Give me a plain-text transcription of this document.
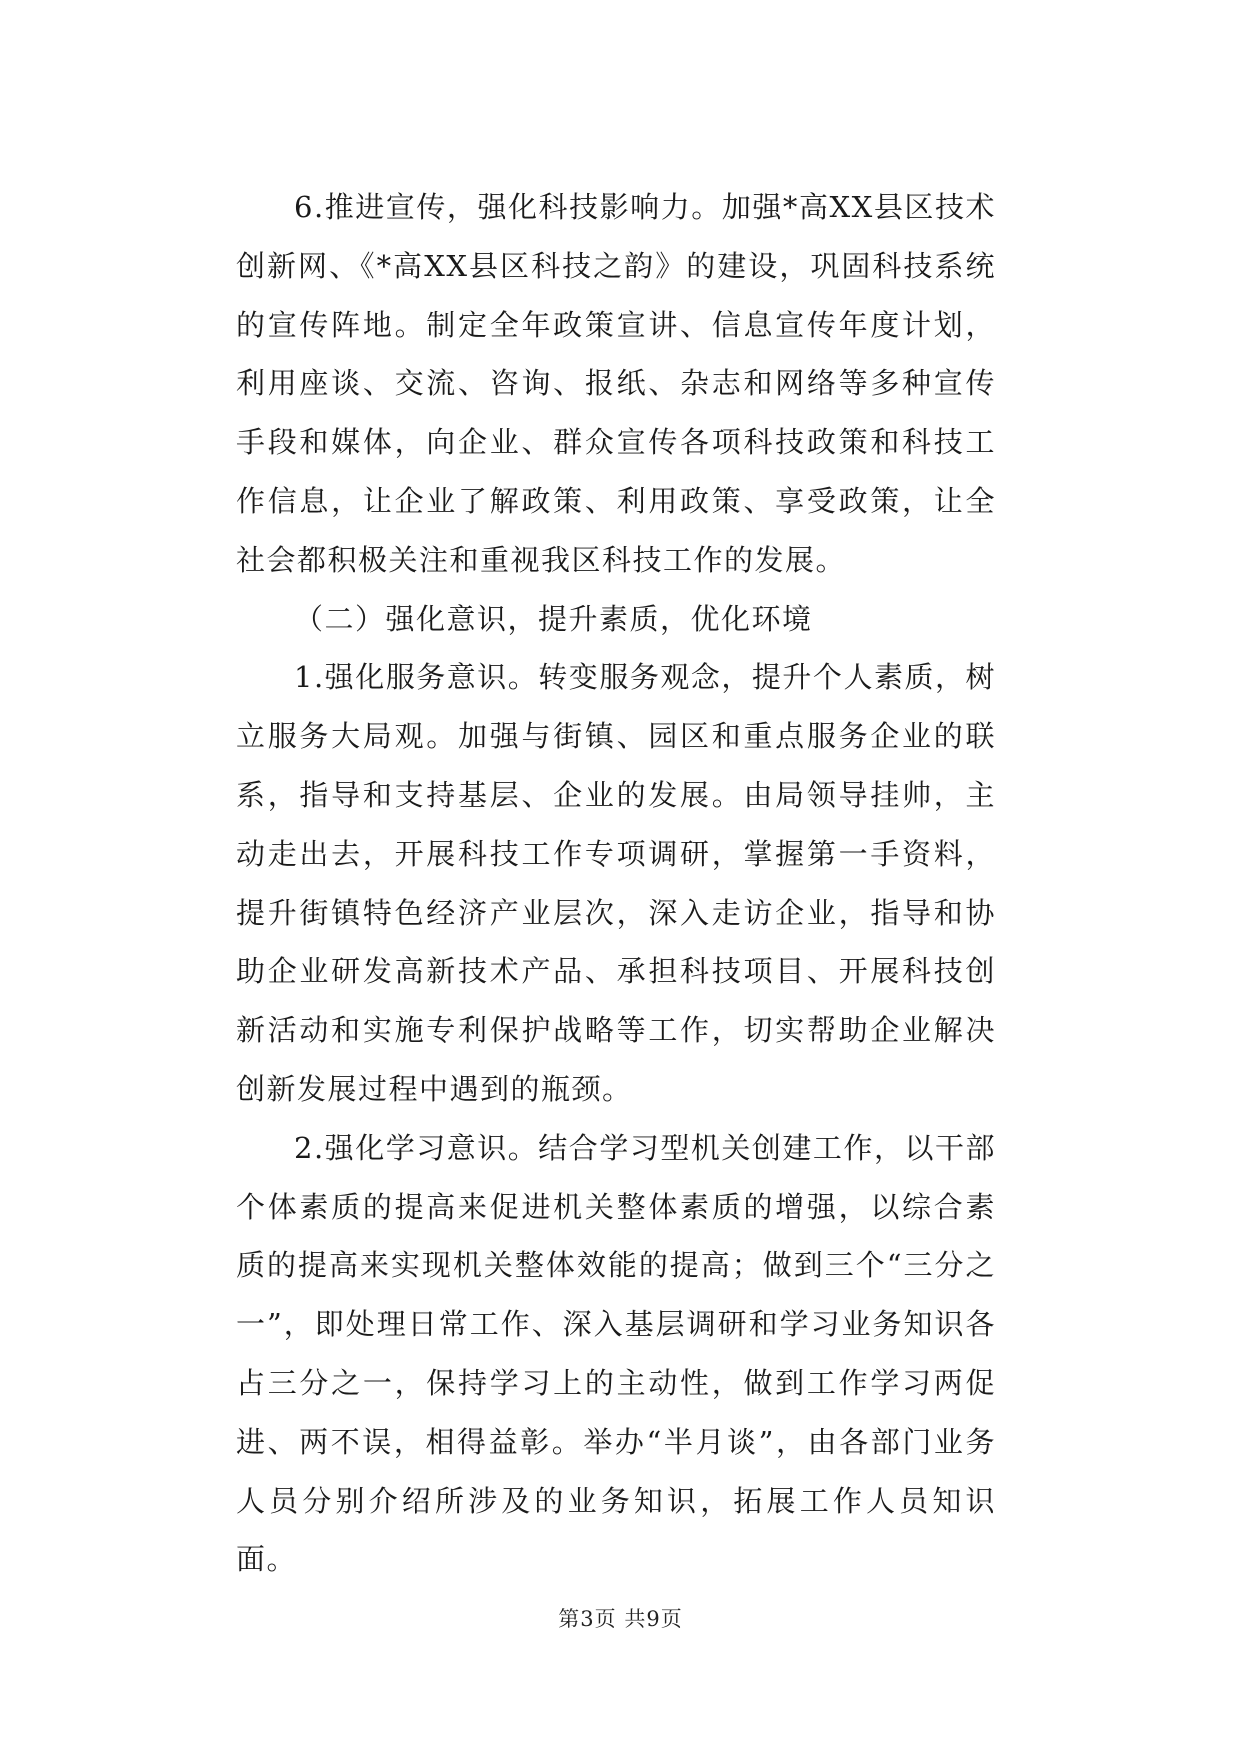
6.推进宣传，强化科技影响力。加强*高XX县区技术创新网、《*高XX县区科技之韵》的建设，巩固科技系统的宣传阵地。制定全年政策宣讲、信息宣传年度计划，利用座谈、交流、咨询、报纸、杂志和网络等多种宣传手段和媒体，向企业、群众宣传各项科技政策和科技工作信息，让企业了解政策、利用政策、享受政策，让全社会都积极关注和重视我区科技工作的发展。

（二）强化意识，提升素质，优化环境

1.强化服务意识。转变服务观念，提升个人素质，树立服务大局观。加强与街镇、园区和重点服务企业的联系，指导和支持基层、企业的发展。由局领导挂帅，主动走出去，开展科技工作专项调研，掌握第一手资料，提升街镇特色经济产业层次，深入走访企业，指导和协助企业研发高新技术产品、承担科技项目、开展科技创新活动和实施专利保护战略等工作，切实帮助企业解决创新发展过程中遇到的瓶颈。

2.强化学习意识。结合学习型机关创建工作，以干部个体素质的提高来促进机关整体素质的增强，以综合素质的提高来实现机关整体效能的提高；做到三个“三分之一”，即处理日常工作、深入基层调研和学习业务知识各占三分之一，保持学习上的主动性，做到工作学习两促进、两不误，相得益彰。举办“半月谈”，由各部门业务人员分别介绍所涉及的业务知识，拓展工作人员知识面。

第3页 共9页
